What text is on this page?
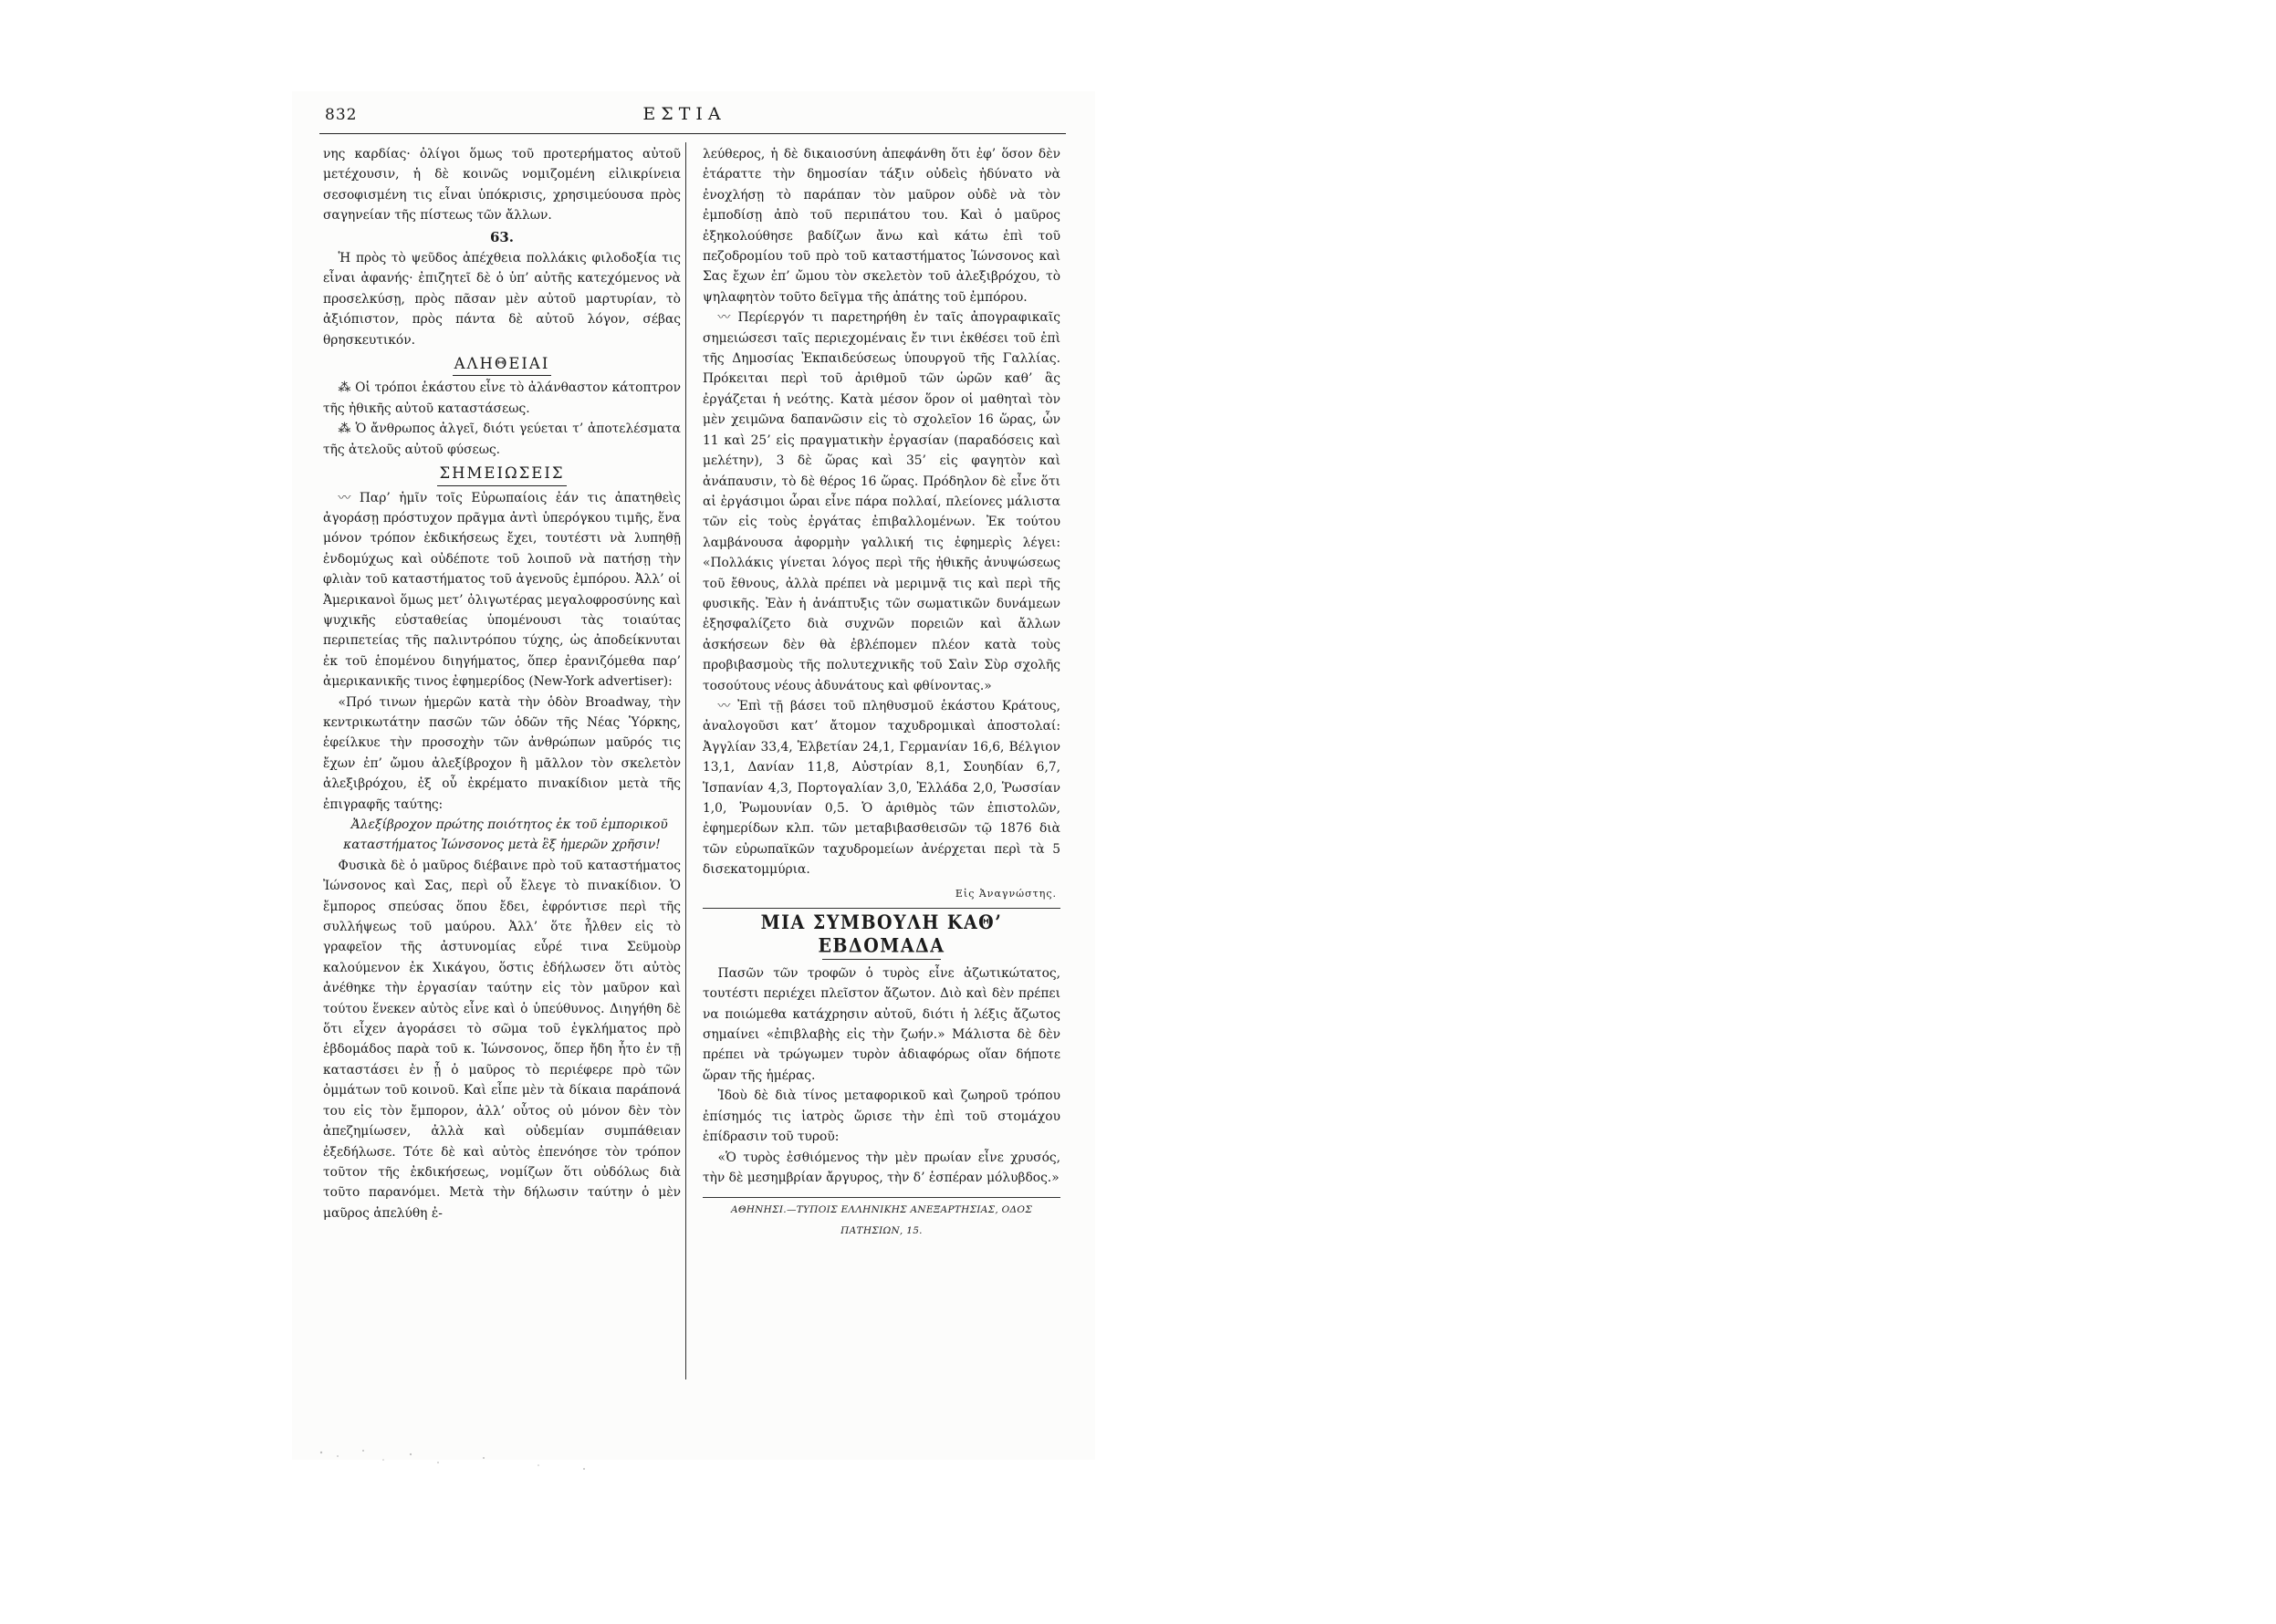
832	ΕΣΤΙΑ

νης καρδίας· ὀλίγοι ὅμως τοῦ προτερήματος αὐτοῦ μετέχουσιν, ἡ δὲ κοινῶς νομιζομένη εἰλικρίνεια σεσοφισμένη τις εἶναι ὑπόκρισις, χρησιμεύουσα πρὸς σαγηνείαν τῆς πίστεως τῶν ἄλλων.

63.

Ἡ πρὸς τὸ ψεῦδος ἀπέχθεια πολλάκις φιλοδοξία τις εἶναι ἀφανής· ἐπιζητεῖ δὲ ὁ ὑπ’ αὐτῆς κατεχόμενος νὰ προσελκύσῃ, πρὸς πᾶσαν μὲν αὐτοῦ μαρτυρίαν, τὸ ἀξιόπιστον, πρὸς πάντα δὲ αὐτοῦ λόγον, σέβας θρησκευτικόν.

ΑΛΗΘΕΙΑΙ

⁂ Οἱ τρόποι ἑκάστου εἶνε τὸ ἀλάνθαστον κάτοπτρον τῆς ἠθικῆς αὐτοῦ καταστάσεως.

⁂ Ὁ ἄνθρωπος ἀλγεῖ, διότι γεύεται τ’ ἀποτελέσματα τῆς ἀτελοῦς αὐτοῦ φύσεως.

ΣΗΜΕΙΩΣΕΙΣ

〰 Παρ’ ἡμῖν τοῖς Εὐρωπαίοις ἐάν τις ἀπατηθεὶς ἀγοράσῃ πρόστυχον πρᾶγμα ἀντὶ ὑπερόγκου τιμῆς, ἕνα μόνον τρόπον ἐκδικήσεως ἔχει, τουτέστι νὰ λυπηθῇ ἐνδομύχως καὶ οὐδέποτε τοῦ λοιποῦ νὰ πατήσῃ τὴν φλιὰν τοῦ καταστήματος τοῦ ἀγενοῦς ἐμπόρου. Ἀλλ’ οἱ Ἀμερικανοὶ ὅμως μετ’ ὀλιγωτέρας μεγαλοφροσύνης καὶ ψυχικῆς εὐσταθείας ὑπομένουσι τὰς τοιαύτας περιπετείας τῆς παλιντρόπου τύχης, ὡς ἀποδείκνυται ἐκ τοῦ ἑπομένου διηγήματος, ὅπερ ἐρανιζόμεθα παρ’ ἀμερικανικῆς τινος ἐφημερίδος (New-York advertiser):

«Πρό τινων ἡμερῶν κατὰ τὴν ὁδὸν Broadway, τὴν κεντρικωτάτην πασῶν τῶν ὁδῶν τῆς Νέας Ὑόρκης, ἑφείλκυε τὴν προσοχὴν τῶν ἀνθρώπων μαῦρός τις ἔχων ἐπ’ ὤμου ἀλεξίβροχον ἢ μᾶλλον τὸν σκελετὸν ἀλεξιβρόχου, ἐξ οὗ ἐκρέματο πινακίδιον μετὰ τῆς ἐπιγραφῆς ταύτης:

Ἀλεξίβροχον πρώτης ποιότητος ἐκ τοῦ ἐμπορικοῦ καταστήματος Ἰώνσονος μετὰ ἓξ ἡμερῶν χρῆσιν!

Φυσικὰ δὲ ὁ μαῦρος διέβαινε πρὸ τοῦ καταστήματος Ἰώνσονος καὶ Σας, περὶ οὗ ἔλεγε τὸ πινακίδιον. Ὁ ἔμπορος σπεύσας ὅπου ἔδει, ἐφρόντισε περὶ τῆς συλλήψεως τοῦ μαύρου. Ἀλλ’ ὅτε ἦλθεν εἰς τὸ γραφεῖον τῆς ἀστυνομίας εὗρέ τινα Σεϋμοὺρ καλούμενον ἐκ Χικάγου, ὅστις ἐδήλωσεν ὅτι αὐτὸς ἀνέθηκε τὴν ἐργασίαν ταύτην εἰς τὸν μαῦρον καὶ τούτου ἕνεκεν αὐτὸς εἶνε καὶ ὁ ὑπεύθυνος. Διηγήθη δὲ ὅτι εἶχεν ἀγοράσει τὸ σῶμα τοῦ ἐγκλήματος πρὸ ἑβδομάδος παρὰ τοῦ κ. Ἰώνσονος, ὅπερ ἤδη ἦτο ἐν τῇ καταστάσει ἐν ᾗ ὁ μαῦρος τὸ περιέφερε πρὸ τῶν ὀμμάτων τοῦ κοινοῦ. Καὶ εἶπε μὲν τὰ δίκαια παράπονά του εἰς τὸν ἔμπορον, ἀλλ’ οὗτος οὐ μόνον δὲν τὸν ἀπεζημίωσεν, ἀλλὰ καὶ οὐδεμίαν συμπάθειαν ἐξεδήλωσε. Τότε δὲ καὶ αὐτὸς ἐπενόησε τὸν τρόπον τοῦτον τῆς ἐκδικήσεως, νομίζων ὅτι οὐδόλως διὰ τοῦτο παρανόμει. Μετὰ τὴν δήλωσιν ταύτην ὁ μὲν μαῦρος ἀπελύθη ἐ-

λεύθερος, ἡ δὲ δικαιοσύνη ἀπεφάνθη ὅτι ἐφ’ ὅσον δὲν ἐτάραττε τὴν δημοσίαν τάξιν οὐδεὶς ἠδύνατο νὰ ἐνοχλήσῃ τὸ παράπαν τὸν μαῦρον οὐδὲ νὰ τὸν ἐμποδίσῃ ἀπὸ τοῦ περιπάτου του. Καὶ ὁ μαῦρος ἐξηκολούθησε βαδίζων ἄνω καὶ κάτω ἐπὶ τοῦ πεζοδρομίου τοῦ πρὸ τοῦ καταστήματος Ἰώνσονος καὶ Σας ἔχων ἐπ’ ὤμου τὸν σκελετὸν τοῦ ἀλεξιβρόχου, τὸ ψηλαφητὸν τοῦτο δεῖγμα τῆς ἀπάτης τοῦ ἐμπόρου.

〰 Περίεργόν τι παρετηρήθη ἐν ταῖς ἀπογραφικαῖς σημειώσεσι ταῖς περιεχομέναις ἔν τινι ἐκθέσει τοῦ ἐπὶ τῆς Δημοσίας Ἐκπαιδεύσεως ὑπουργοῦ τῆς Γαλλίας. Πρόκειται περὶ τοῦ ἀριθμοῦ τῶν ὡρῶν καθ’ ἃς ἐργάζεται ἡ νεότης. Κατὰ μέσον ὅρον οἱ μαθηταὶ τὸν μὲν χειμῶνα δαπανῶσιν εἰς τὸ σχολεῖον 16 ὥρας, ὧν 11 καὶ 25’ εἰς πραγματικὴν ἐργασίαν (παραδόσεις καὶ μελέτην), 3 δὲ ὥρας καὶ 35’ εἰς φαγητὸν καὶ ἀνάπαυσιν, τὸ δὲ θέρος 16 ὥρας. Πρόδηλον δὲ εἶνε ὅτι αἱ ἐργάσιμοι ὧραι εἶνε πάρα πολλαί, πλείονες μάλιστα τῶν εἰς τοὺς ἐργάτας ἐπιβαλλομένων. Ἐκ τούτου λαμβάνουσα ἀφορμὴν γαλλική τις ἐφημερὶς λέγει: «Πολλάκις γίνεται λόγος περὶ τῆς ἠθικῆς ἀνυψώσεως τοῦ ἔθνους, ἀλλὰ πρέπει νὰ μεριμνᾷ τις καὶ περὶ τῆς φυσικῆς. Ἐὰν ἡ ἀνάπτυξις τῶν σωματικῶν δυνάμεων ἐξησφαλίζετο διὰ συχνῶν πορειῶν καὶ ἄλλων ἀσκήσεων δὲν θὰ ἐβλέπομεν πλέον κατὰ τοὺς προβιβασμοὺς τῆς πολυτεχνικῆς τοῦ Σαὶν Σὺρ σχολῆς τοσούτους νέους ἀδυνάτους καὶ φθίνοντας.»

〰 Ἐπὶ τῇ βάσει τοῦ πληθυσμοῦ ἑκάστου Κράτους, ἀναλογοῦσι κατ’ ἄτομον ταχυδρομικαὶ ἀποστολαί: Ἀγγλίαν 33,4, Ἑλβετίαν 24,1, Γερμανίαν 16,6, Βέλγιον 13,1, Δανίαν 11,8, Αὐστρίαν 8,1, Σουηδίαν 6,7, Ἱσπανίαν 4,3, Πορτογαλίαν 3,0, Ἑλλάδα 2,0, Ῥωσσίαν 1,0, Ῥωμουνίαν 0,5. Ὁ ἀριθμὸς τῶν ἐπιστολῶν, ἐφημερίδων κλπ. τῶν μεταβιβασθεισῶν τῷ 1876 διὰ τῶν εὐρωπαϊκῶν ταχυδρομείων ἀνέρχεται περὶ τὰ 5 δισεκατομμύρια.

Εἰς Ἀναγνώστης.

ΜΙΑ ΣΥΜΒΟΥΛΗ ΚΑΘ’ ΕΒΔΟΜΑΔΑ

Πασῶν τῶν τροφῶν ὁ τυρὸς εἶνε ἀζωτικώτατος, τουτέστι περιέχει πλεῖστον ἄζωτον. Διὸ καὶ δὲν πρέπει να ποιώμεθα κατάχρησιν αὐτοῦ, διότι ἡ λέξις ἄζωτος σημαίνει «ἐπιβλαβὴς εἰς τὴν ζωήν.» Μάλιστα δὲ δὲν πρέπει νὰ τρώγωμεν τυρὸν ἀδιαφόρως οἵαν δήποτε ὥραν τῆς ἡμέρας.

Ἰδοὺ δὲ διὰ τίνος μεταφορικοῦ καὶ ζωηροῦ τρόπου ἐπίσημός τις ἰατρὸς ὥρισε τὴν ἐπὶ τοῦ στομάχου ἐπίδρασιν τοῦ τυροῦ:

«Ὁ τυρὸς ἐσθιόμενος τὴν μὲν πρωίαν εἶνε χρυσός, τὴν δὲ μεσημβρίαν ἄργυρος, τὴν δ’ ἑσπέραν μόλυβδος.»

ΑΘΗΝΗΣΙ.—ΤΥΠΟΙΣ ΕΛΛΗΝΙΚΗΣ ΑΝΕΞΑΡΤΗΣΙΑΣ, ΟΔΟΣ ΠΑΤΗΣΙΩΝ, 15.
